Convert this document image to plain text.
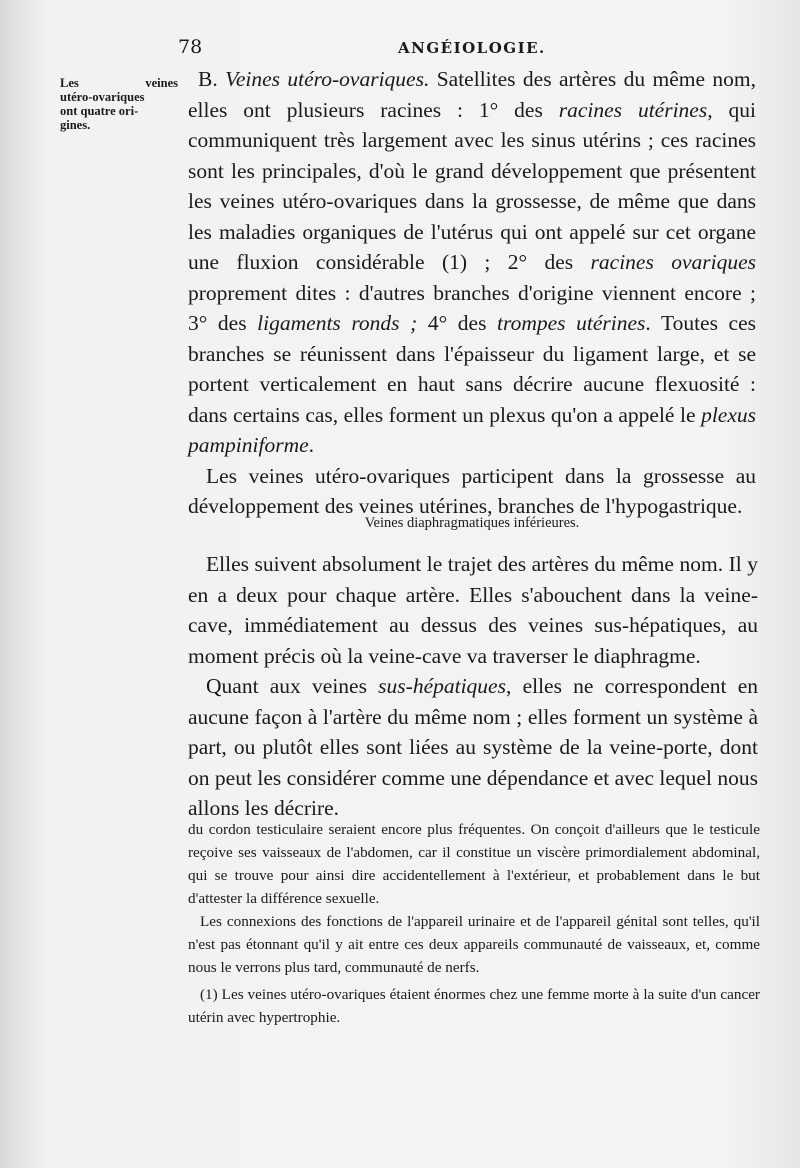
78	ANGÉIOLOGIE.
Les veines
utéro-ovariques
ont quatre ori-
gines.

B. Veines utéro-ovariques. Satellites des artères du même nom, elles ont plusieurs racines : 1° des racines utérines, qui communiquent très largement avec les sinus utérins ; ces racines sont les principales, d'où le grand développement que présentent les veines utéro-ovariques dans la grossesse, de même que dans les maladies organiques de l'utérus qui ont appelé sur cet organe une fluxion considérable (1) ; 2° des racines ovariques proprement dites : d'autres branches d'origine viennent encore ; 3° des ligaments ronds ; 4° des trompes utérines. Toutes ces branches se réunissent dans l'épaisseur du ligament large, et se portent verticalement en haut sans décrire aucune flexuosité : dans certains cas, elles forment un plexus qu'on a appelé le plexus pampiniforme.

Les veines utéro-ovariques participent dans la grossesse au développement des veines utérines, branches de l'hypogastrique.

Veines diaphragmatiques inférieures.

Elles suivent absolument le trajet des artères du même nom. Il y en a deux pour chaque artère. Elles s'abouchent dans la veine-cave, immédiatement au dessus des veines sus-hépatiques, au moment précis où la veine-cave va traverser le diaphragme.

Quant aux veines sus-hépatiques, elles ne correspondent en aucune façon à l'artère du même nom ; elles forment un système à part, ou plutôt elles sont liées au système de la veine-porte, dont on peut les considérer comme une dépendance et avec lequel nous allons les décrire.

du cordon testiculaire seraient encore plus fréquentes. On conçoit d'ailleurs que le testicule reçoive ses vaisseaux de l'abdomen, car il constitue un viscère primordialement abdominal, qui se trouve pour ainsi dire accidentellement à l'extérieur, et probablement dans le but d'attester la différence sexuelle.

Les connexions des fonctions de l'appareil urinaire et de l'appareil génital sont telles, qu'il n'est pas étonnant qu'il y ait entre ces deux appareils communauté de vaisseaux, et, comme nous le verrons plus tard, communauté de nerfs.

(1) Les veines utéro-ovariques étaient énormes chez une femme morte à la suite d'un cancer utérin avec hypertrophie.
